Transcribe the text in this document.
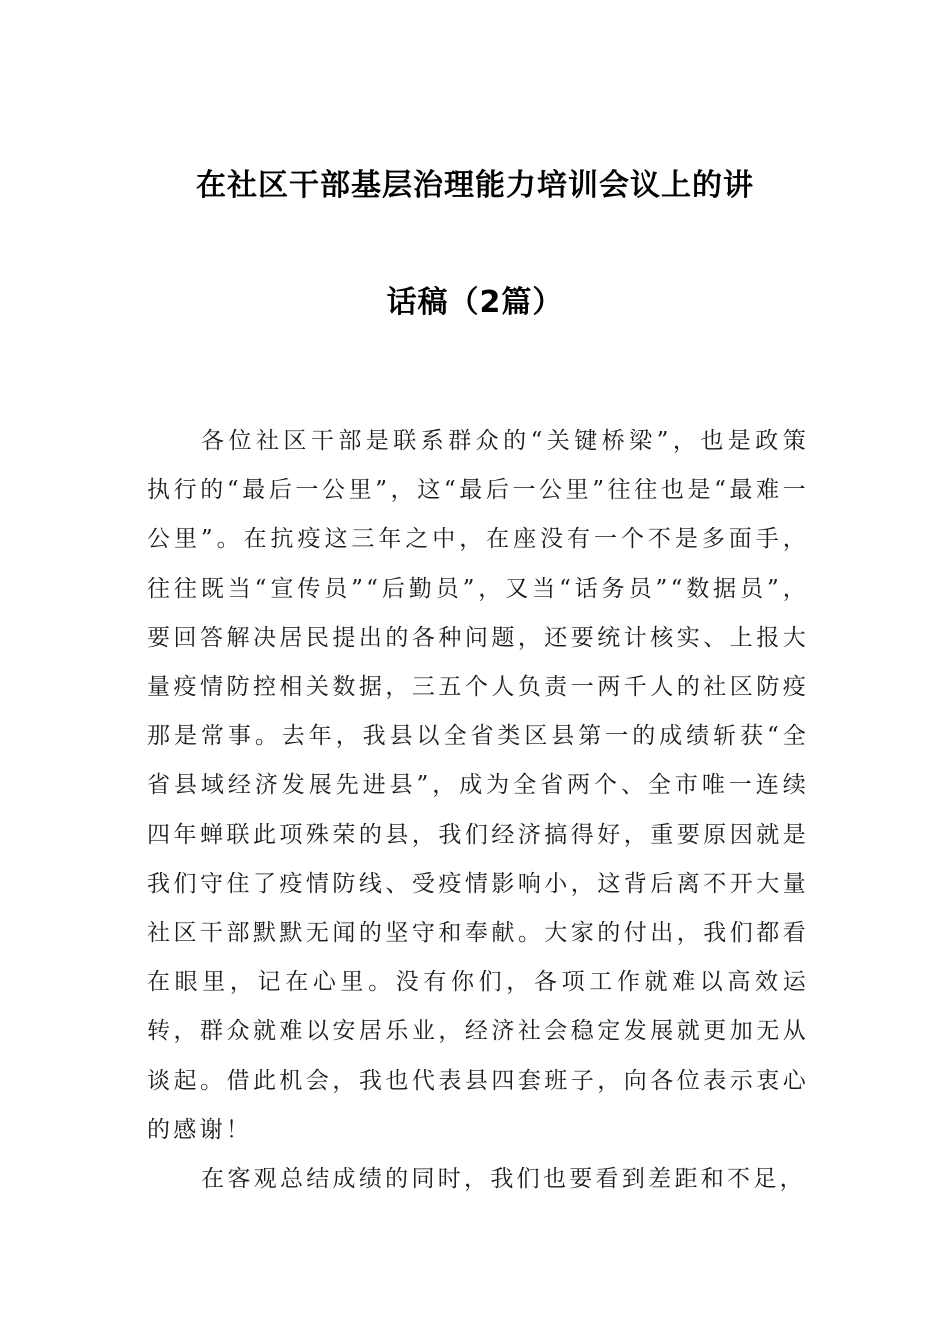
在社区干部基层治理能力培训会议上的讲
话稿（2篇）

各位社区干部是联系群众的“关键桥梁”，也是政策执行的“最后一公里”，这“最后一公里”往往也是“最难一公里”。在抗疫这三年之中，在座没有一个不是多面手，往往既当“宣传员”“后勤员”，又当“话务员”“数据员”，要回答解决居民提出的各种问题，还要统计核实、上报大量疫情防控相关数据，三五个人负责一两千人的社区防疫那是常事。去年，我县以全省类区县第一的成绩斩获“全省县域经济发展先进县”，成为全省两个、全市唯一连续四年蝉联此项殊荣的县，我们经济搞得好，重要原因就是我们守住了疫情防线、受疫情影响小，这背后离不开大量社区干部默默无闻的坚守和奉献。大家的付出，我们都看在眼里，记在心里。没有你们，各项工作就难以高效运转，群众就难以安居乐业，经济社会稳定发展就更加无从谈起。借此机会，我也代表县四套班子，向各位表示衷心的感谢！

在客观总结成绩的同时，我们也要看到差距和不足，
